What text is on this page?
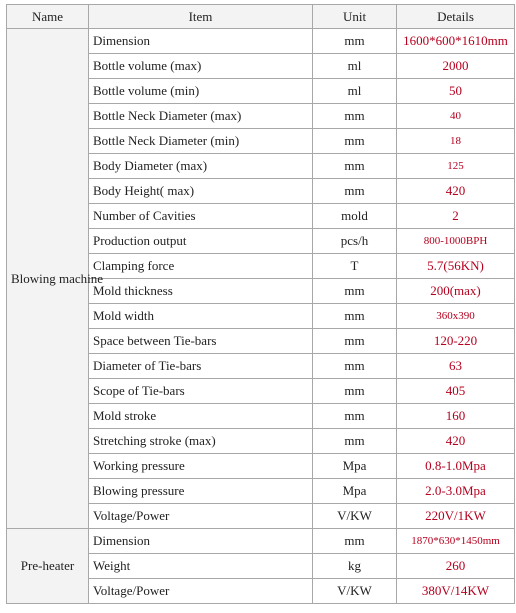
Name	Item	Unit	Details
Blowing machine	Dimension	mm	1600*600*1610mm
	Bottle volume (max)	ml	2000
	Bottle volume (min)	ml	50
	Bottle Neck Diameter (max)	mm	40
	Bottle Neck Diameter (min)	mm	18
	Body Diameter (max)	mm	125
	Body Height( max)	mm	420
	Number of Cavities	mold	2
	Production output	pcs/h	800-1000BPH
	Clamping force	T	5.7(56KN)
	Mold thickness	mm	200(max)
	Mold width	mm	360x390
	Space between Tie-bars	mm	120-220
	Diameter of Tie-bars	mm	63
	Scope of Tie-bars	mm	405
	Mold stroke	mm	160
	Stretching stroke (max)	mm	420
	Working pressure	Mpa	0.8-1.0Mpa
	Blowing pressure	Mpa	2.0-3.0Mpa
	Voltage/Power	V/KW	220V/1KW
Pre-heater	Dimension	mm	1870*630*1450mm
	Weight	kg	260
	Voltage/Power	V/KW	380V/14KW
